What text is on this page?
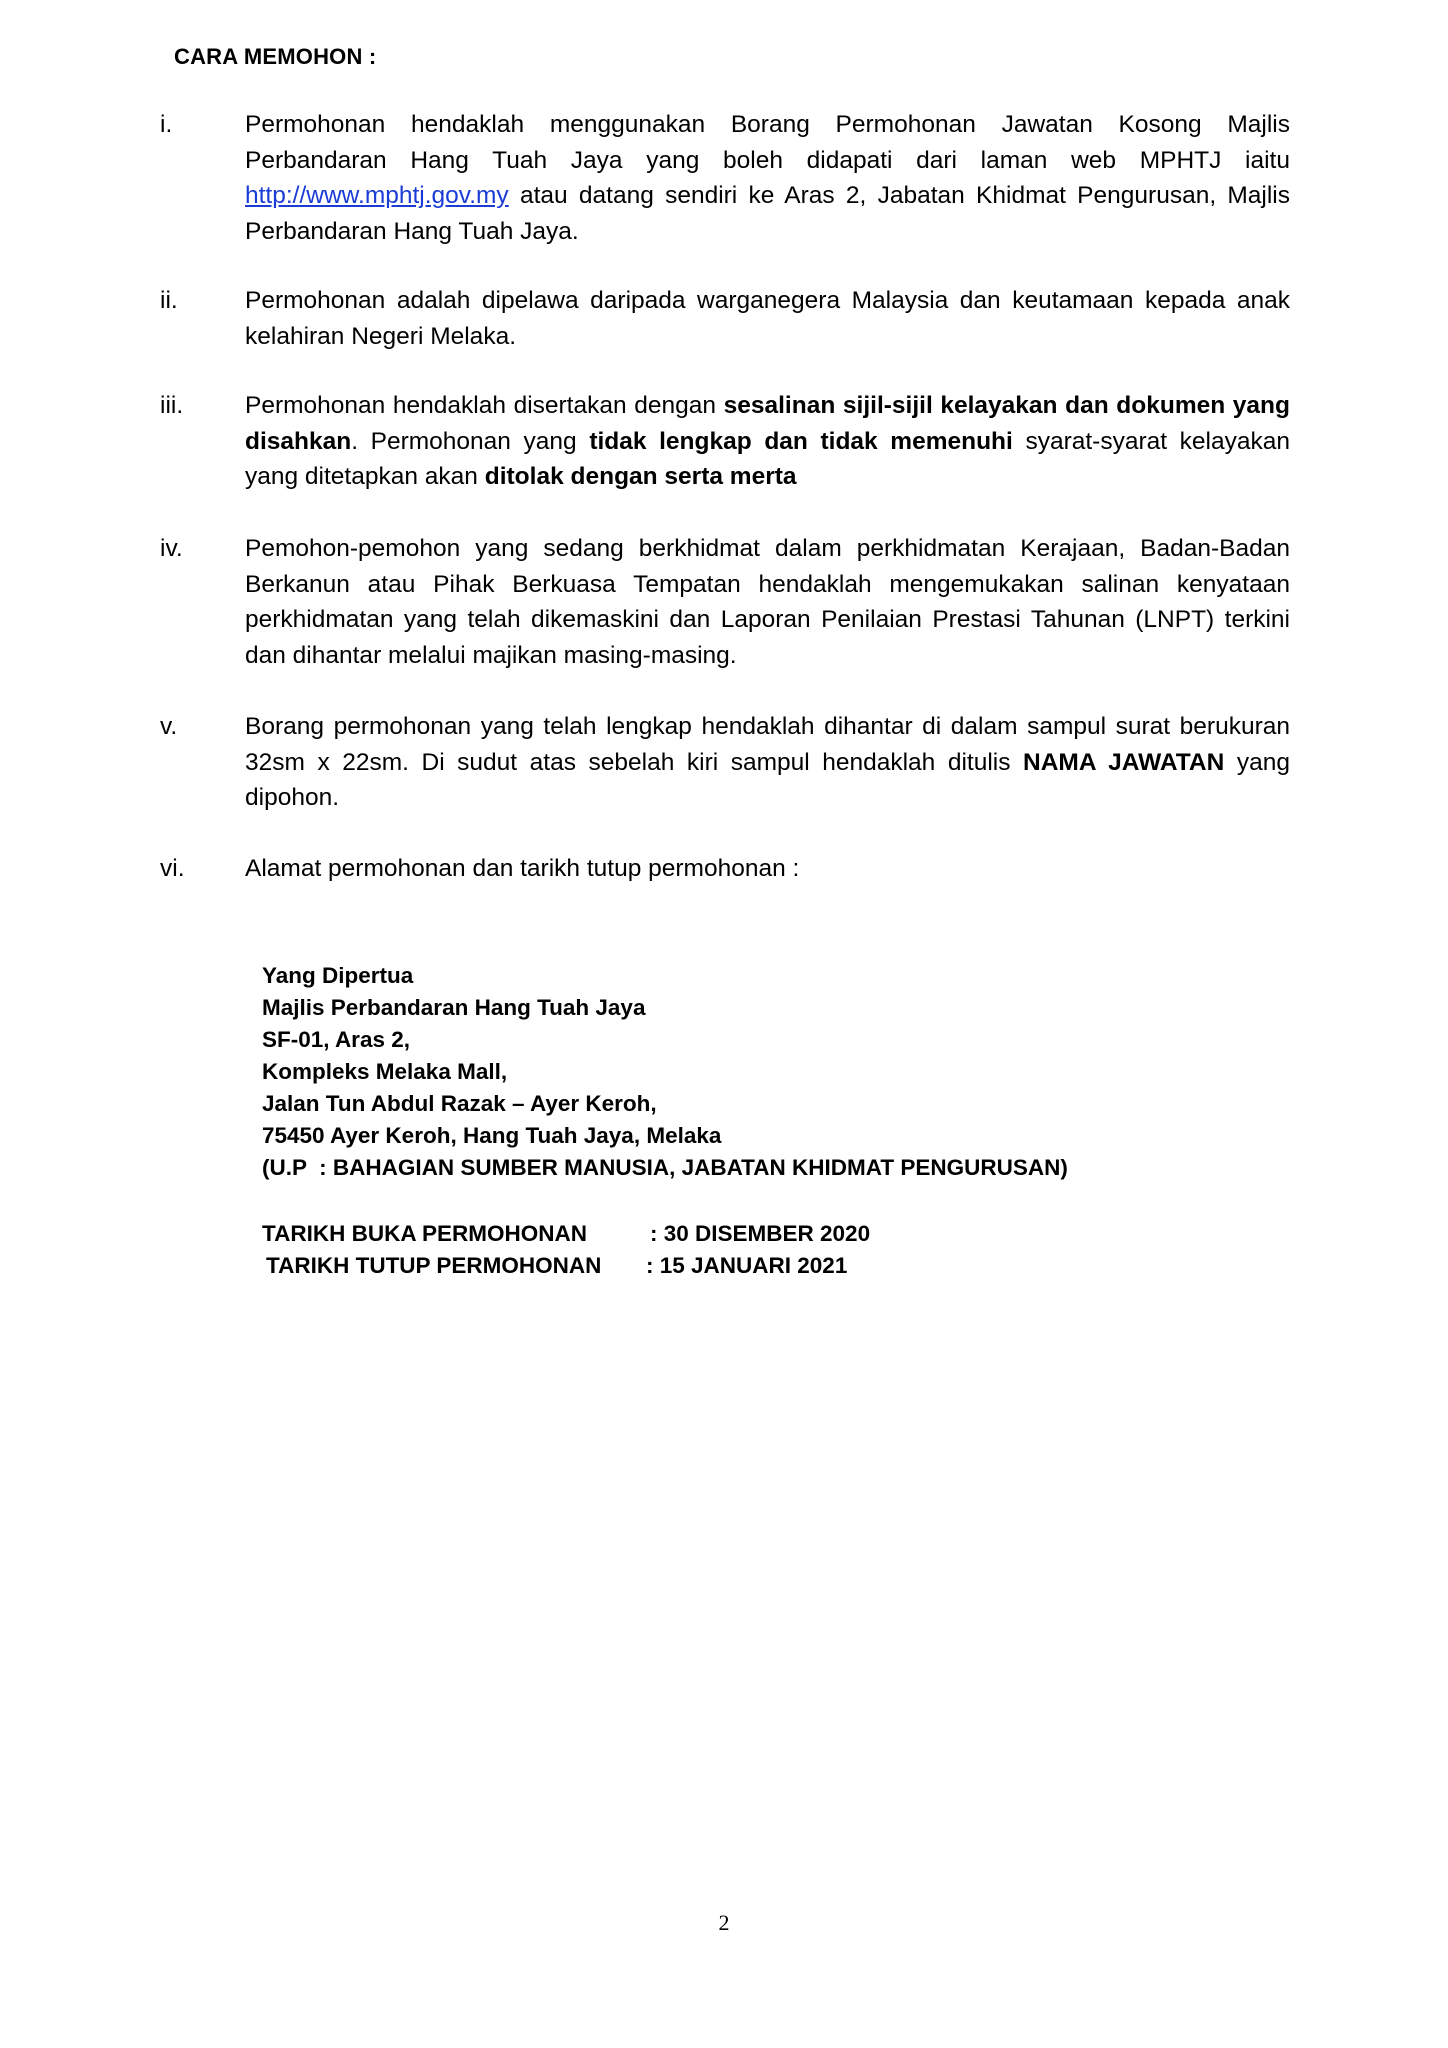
CARA MEMOHON :
i.	Permohonan hendaklah menggunakan Borang Permohonan Jawatan Kosong Majlis Perbandaran Hang Tuah Jaya yang boleh didapati dari laman web MPHTJ iaitu http://www.mphtj.gov.my atau datang sendiri ke Aras 2, Jabatan Khidmat Pengurusan, Majlis Perbandaran Hang Tuah Jaya.
ii.	Permohonan adalah dipelawa daripada warganegera Malaysia dan keutamaan kepada anak kelahiran Negeri Melaka.
iii.	Permohonan hendaklah disertakan dengan sesalinan sijil-sijil kelayakan dan dokumen yang disahkan. Permohonan yang tidak lengkap dan tidak memenuhi syarat-syarat kelayakan yang ditetapkan akan ditolak dengan serta merta
iv.	Pemohon-pemohon yang sedang berkhidmat dalam perkhidmatan Kerajaan, Badan-Badan Berkanun atau Pihak Berkuasa Tempatan hendaklah mengemukakan salinan kenyataan perkhidmatan yang telah dikemaskini dan Laporan Penilaian Prestasi Tahunan (LNPT) terkini dan dihantar melalui majikan masing-masing.
v.	Borang permohonan yang telah lengkap hendaklah dihantar di dalam sampul surat berukuran 32sm x 22sm. Di sudut atas sebelah kiri sampul hendaklah ditulis NAMA JAWATAN yang dipohon.
vi.	Alamat permohonan dan tarikh tutup permohonan :
Yang Dipertua
Majlis Perbandaran Hang Tuah Jaya
SF-01, Aras 2,
Kompleks Melaka Mall,
Jalan Tun Abdul Razak – Ayer Keroh,
75450 Ayer Keroh, Hang Tuah Jaya, Melaka
(U.P  : BAHAGIAN SUMBER MANUSIA, JABATAN KHIDMAT PENGURUSAN)
TARIKH BUKA PERMOHONAN	: 30 DISEMBER 2020
TARIKH TUTUP PERMOHONAN : 15 JANUARI 2021
2
